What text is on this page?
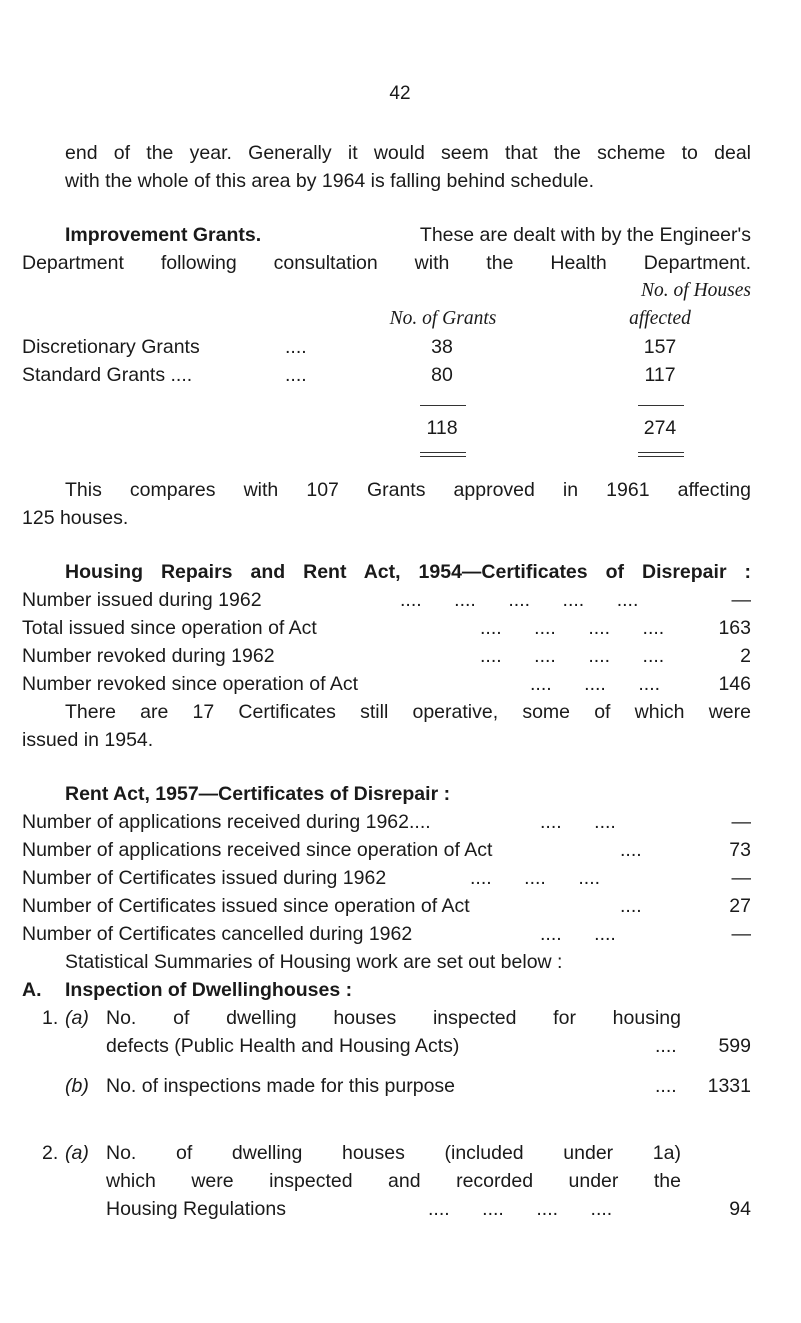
42
end of the year. Generally it would seem that the scheme to deal
with the whole of this area by 1964 is falling behind schedule.
Improvement Grants.	These are dealt with by the Engineer's
Department following consultation with the Health Department.
No. of Houses
No. of Grants	affected
Discretionary Grants	....	38	157
Standard Grants ....	....	80	117
118	274
This compares with 107 Grants approved in 1961 affecting
125 houses.
Housing Repairs and Rent Act, 1954—Certificates of Disrepair :
Number issued during 1962	....      ....      ....      ....      ....	—
Total issued since operation of Act	....      ....      ....      ....	163
Number revoked during 1962	....      ....      ....      ....	2
Number revoked since operation of Act	....      ....      ....	146
There are 17 Certificates still operative, some of which were
issued in 1954.
Rent Act, 1957—Certificates of Disrepair :
Number of applications received during 1962....	....      ....	—
Number of applications received since operation of Act	....	73
Number of Certificates issued during 1962	....      ....      ....	—
Number of Certificates issued since operation of Act	....	27
Number of Certificates cancelled during 1962	....      ....	—
Statistical Summaries of Housing work are set out below :
A. Inspection of Dwellinghouses :
1. (a) No. of dwelling houses inspected for housing
defects (Public Health and Housing Acts)	....	599
(b) No. of inspections made for this purpose	....	1331
2. (a) No. of dwelling houses (included under 1a)
which were inspected and recorded under the
Housing Regulations	....      ....      ....      ....	94
